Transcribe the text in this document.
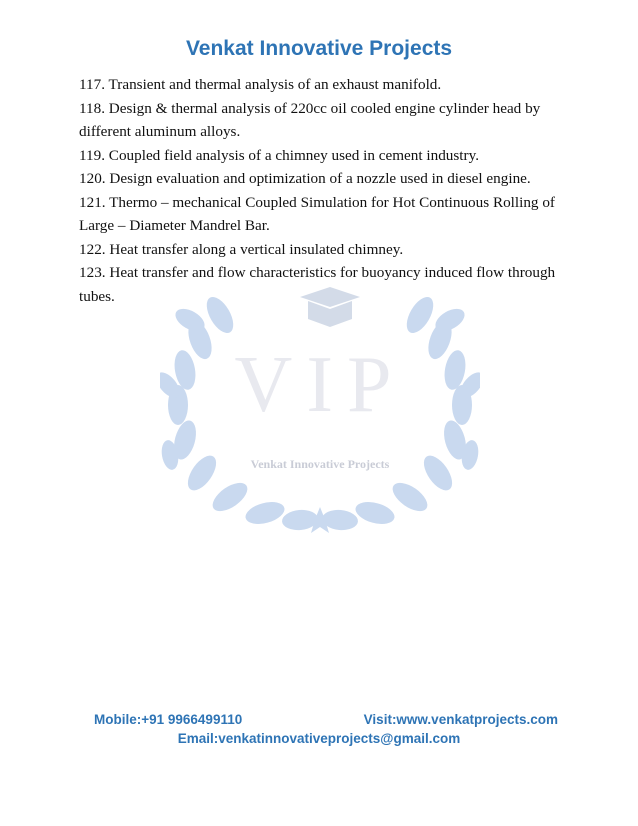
Venkat Innovative Projects
VIP
Venkat Innovative Projects
117. Transient and thermal analysis of an exhaust manifold.
118. Design & thermal analysis of 220cc oil cooled engine cylinder head by different aluminum alloys.
119. Coupled field analysis of a chimney used in cement industry.
120. Design evaluation and optimization of a nozzle used in diesel engine.
121. Thermo – mechanical Coupled Simulation for Hot Continuous Rolling of Large – Diameter Mandrel Bar.
122. Heat transfer along a vertical insulated chimney.
123. Heat transfer and flow characteristics for buoyancy induced flow through tubes.
Mobile:+91 9966499110	Visit:www.venkatprojects.com
Email:venkatinnovativeprojects@gmail.com
